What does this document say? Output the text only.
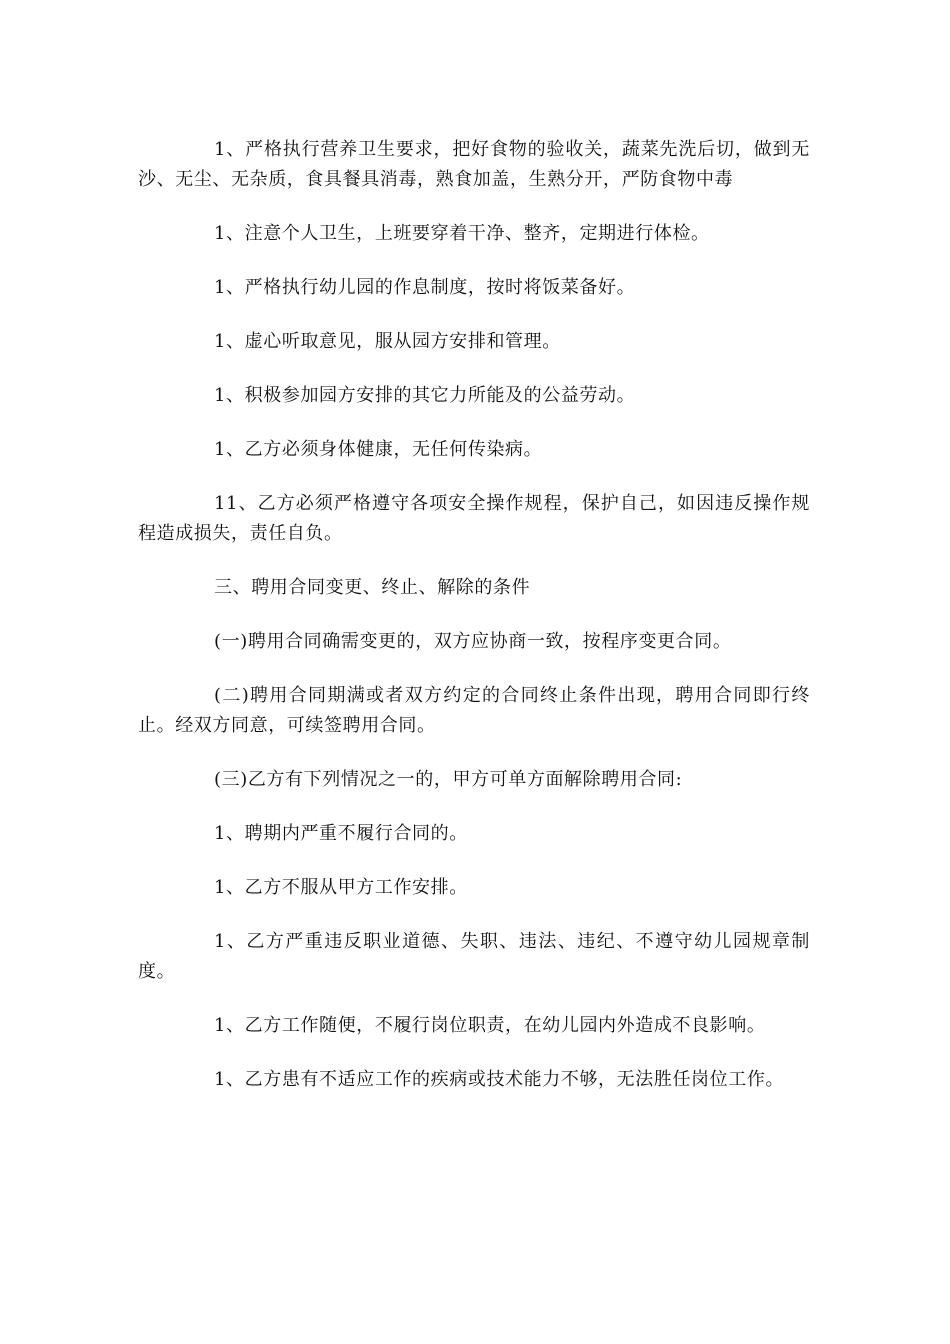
1、严格执行营养卫生要求，把好食物的验收关，蔬菜先洗后切，做到无沙、无尘、无杂质，食具餐具消毒，熟食加盖，生熟分开，严防食物中毒

1、注意个人卫生，上班要穿着干净、整齐，定期进行体检。

1、严格执行幼儿园的作息制度，按时将饭菜备好。

1、虚心听取意见，服从园方安排和管理。

1、积极参加园方安排的其它力所能及的公益劳动。

1、乙方必须身体健康，无任何传染病。

11、乙方必须严格遵守各项安全操作规程，保护自己，如因违反操作规程造成损失，责任自负。

三、聘用合同变更、终止、解除的条件

(一)聘用合同确需变更的，双方应协商一致，按程序变更合同。

(二)聘用合同期满或者双方约定的合同终止条件出现，聘用合同即行终止。经双方同意，可续签聘用合同。

(三)乙方有下列情况之一的，甲方可单方面解除聘用合同:

1、聘期内严重不履行合同的。

1、乙方不服从甲方工作安排。

1、乙方严重违反职业道德、失职、违法、违纪、不遵守幼儿园规章制度。

1、乙方工作随便，不履行岗位职责，在幼儿园内外造成不良影响。

1、乙方患有不适应工作的疾病或技术能力不够，无法胜任岗位工作。
